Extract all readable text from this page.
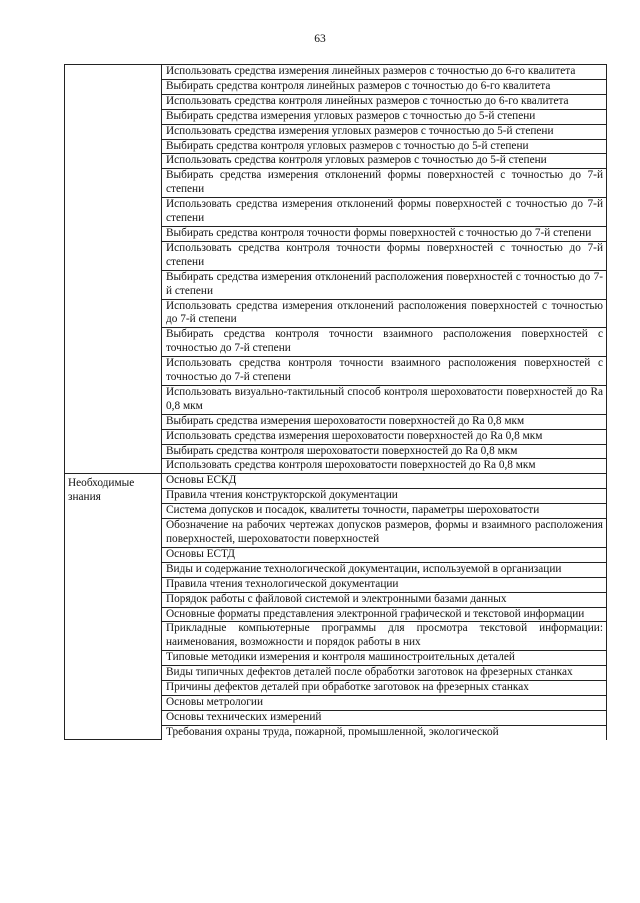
63
	Использовать средства измерения линейных размеров с точностью до 6-го квалитета
	Выбирать средства контроля линейных размеров с точностью до 6-го квалитета
	Использовать средства контроля линейных размеров с точностью до 6-го квалитета
	Выбирать средства измерения угловых размеров с точностью до 5-й степени
	Использовать средства измерения угловых размеров с точностью до 5-й степени
	Выбирать средства контроля угловых размеров с точностью до 5-й степени
	Использовать средства контроля угловых размеров с точностью до 5-й степени
	Выбирать средства измерения отклонений формы поверхностей с точностью до 7-й степени
	Использовать средства измерения отклонений формы поверхностей с точностью до 7-й степени
	Выбирать средства контроля точности формы поверхностей с точностью до 7-й степени
	Использовать средства контроля точности формы поверхностей с точностью до 7-й степени
	Выбирать средства измерения отклонений расположения поверхностей с точностью до 7-й степени
	Использовать средства измерения отклонений расположения поверхностей с точностью до 7-й степени
	Выбирать средства контроля точности взаимного расположения поверхностей с точностью до 7-й степени
	Использовать средства контроля точности взаимного расположения поверхностей с точностью до 7-й степени
	Использовать визуально-тактильный способ контроля шероховатости поверхностей до Ra 0,8 мкм
	Выбирать средства измерения шероховатости поверхностей до Ra 0,8 мкм
	Использовать средства измерения шероховатости поверхностей до Ra 0,8 мкм
	Выбирать средства контроля шероховатости поверхностей до Ra 0,8 мкм
	Использовать средства контроля шероховатости поверхностей до Ra 0,8 мкм
Необходимые знания	Основы ЕСКД
	Правила чтения конструкторской документации
	Система допусков и посадок, квалитеты точности, параметры шероховатости
	Обозначение на рабочих чертежах допусков размеров, формы и взаимного расположения поверхностей, шероховатости поверхностей
	Основы ЕСТД
	Виды и содержание технологической документации, используемой в организации
	Правила чтения технологической документации
	Порядок работы с файловой системой и электронными базами данных
	Основные форматы представления электронной графической и текстовой информации
	Прикладные компьютерные программы для просмотра текстовой информации: наименования, возможности и порядок работы в них
	Типовые методики измерения и контроля машиностроительных деталей
	Виды типичных дефектов деталей после обработки заготовок на фрезерных станках
	Причины дефектов деталей при обработке заготовок на фрезерных станках
	Основы метрологии
	Основы технических измерений
	Требования охраны труда, пожарной, промышленной, экологической
